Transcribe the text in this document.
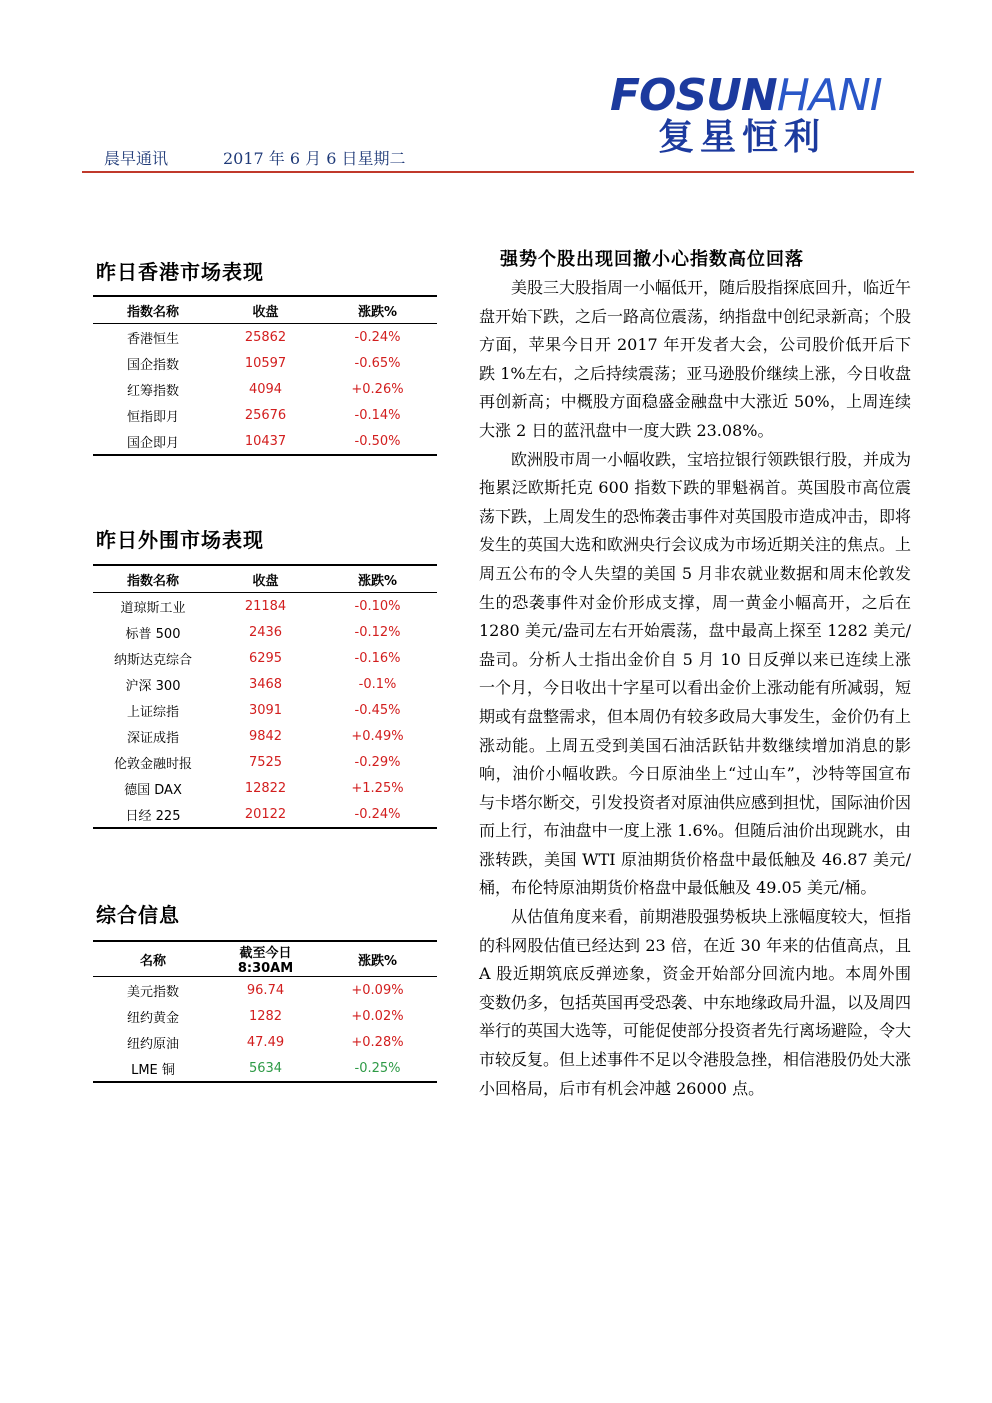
晨早通讯	2017 年 6 月 6 日星期二
FOSUNHANI
复星恒利
昨日香港市场表现
指数名称	收盘	涨跌%
香港恒生	25862	-0.24%
国企指数	10597	-0.65%
红筹指数	4094	+0.26%
恒指即月	25676	-0.14%
国企即月	10437	-0.50%
昨日外围市场表现
指数名称	收盘	涨跌%
道琼斯工业	21184	-0.10%
标普 500	2436	-0.12%
纳斯达克综合	6295	-0.16%
沪深 300	3468	-0.1%
上证综指	3091	-0.45%
深证成指	9842	+0.49%
伦敦金融时报	7525	-0.29%
德国 DAX	12822	+1.25%
日经 225	20122	-0.24%
综合信息
名称	截至今日 8:30AM	涨跌%
美元指数	96.74	+0.09%
纽约黄金	1282	+0.02%
纽约原油	47.49	+0.28%
LME 铜	5634	-0.25%
强势个股出现回撤小心指数高位回落

美股三大股指周一小幅低开，随后股指探底回升，临近午盘开始下跌，之后一路高位震荡，纳指盘中创纪录新高；个股方面，苹果今日开 2017 年开发者大会，公司股价低开后下跌 1%左右，之后持续震荡；亚马逊股价继续上涨，今日收盘再创新高；中概股方面稳盛金融盘中大涨近 50%，上周连续大涨 2 日的蓝汛盘中一度大跌 23.08%。

欧洲股市周一小幅收跌，宝培拉银行领跌银行股，并成为拖累泛欧斯托克 600 指数下跌的罪魁祸首。英国股市高位震荡下跌，上周发生的恐怖袭击事件对英国股市造成冲击，即将发生的英国大选和欧洲央行会议成为市场近期关注的焦点。上周五公布的令人失望的美国 5 月非农就业数据和周末伦敦发生的恐袭事件对金价形成支撑，周一黄金小幅高开，之后在 1280 美元/盎司左右开始震荡，盘中最高上探至 1282 美元/盎司。分析人士指出金价自 5 月 10 日反弹以来已连续上涨一个月，今日收出十字星可以看出金价上涨动能有所减弱，短期或有盘整需求，但本周仍有较多政局大事发生，金价仍有上涨动能。上周五受到美国石油活跃钻井数继续增加消息的影响，油价小幅收跌。今日原油坐上“过山车”，沙特等国宣布与卡塔尔断交，引发投资者对原油供应感到担忧，国际油价因而上行，布油盘中一度上涨 1.6%。但随后油价出现跳水，由涨转跌，美国 WTI 原油期货价格盘中最低触及 46.87 美元/桶，布伦特原油期货价格盘中最低触及 49.05 美元/桶。

从估值角度来看，前期港股强势板块上涨幅度较大，恒指的科网股估值已经达到 23 倍，在近 30 年来的估值高点，且 A 股近期筑底反弹迹象，资金开始部分回流内地。本周外围变数仍多，包括英国再受恐袭、中东地缘政局升温，以及周四举行的英国大选等，可能促使部分投资者先行离场避险，令大市较反复。但上述事件不足以令港股急挫，相信港股仍处大涨小回格局，后市有机会冲越 26000 点。
